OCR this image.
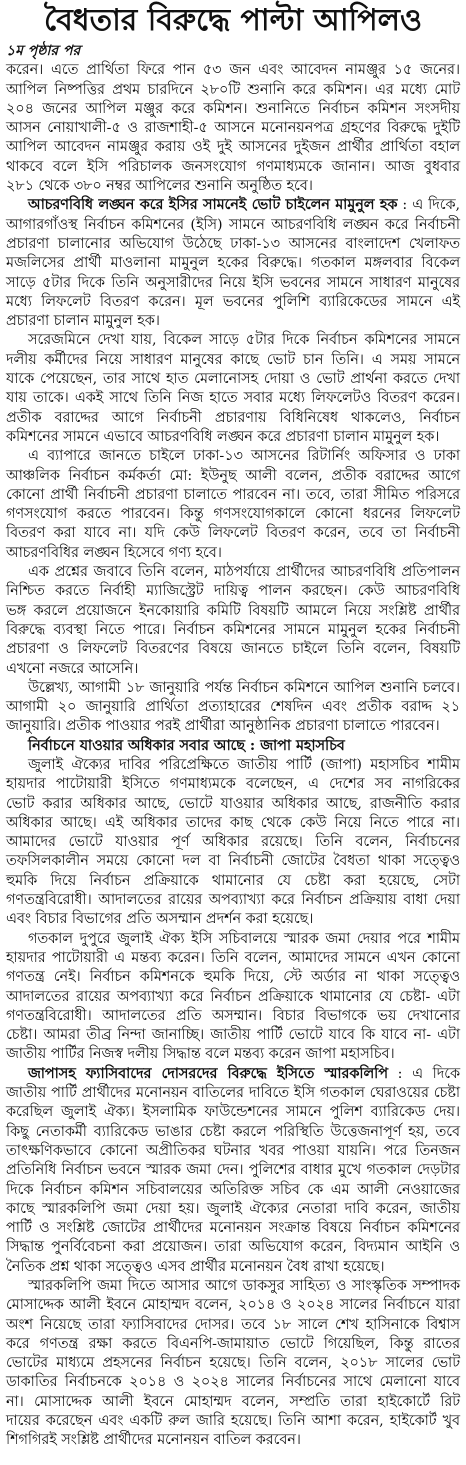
বৈধতার বিরুদ্ধে পাল্টা আপিলও
১ম পৃষ্ঠার পর
করেন। এতে প্রার্থিতা ফিরে পান ৫৩ জন এবং আবেদন নামঞ্জুর ১৫ জনের।
আপিল নিষ্পত্তির প্রথম চারদিনে ২৮০টি শুনানি করে কমিশন। এর মধ্যে মোট
২০৪ জনের আপিল মঞ্জুর করে কমিশন। শুনানিতে নির্বাচন কমিশন সংসদীয়
আসন নোয়াখালী-৫ ও রাজশাহী-৫ আসনে মনোনয়নপত্র গ্রহণের বিরুদ্ধে দুইটি
আপিল আবেদন নামঞ্জুর করায় ওই দুই আসনের দুইজন প্রার্থীর প্রার্থিতা বহাল
থাকবে বলে ইসি পরিচালক জনসংযোগ গণমাধ্যমকে জানান। আজ বুধবার
২৮১ থেকে ৩৮০ নম্বর আপিলের শুনানি অনুষ্ঠিত হবে।
আচরণবিধি লঙ্ঘন করে ইসির সামনেই ভোট চাইলেন মামুনুল হক : এ দিকে,
আগারগাঁওস্থ নির্বাচন কমিশনের (ইসি) সামনে আচরণবিধি লঙ্ঘন করে নির্বাচনী
প্রচারণা চালানোর অভিযোগ উঠেছে ঢাকা-১৩ আসনের বাংলাদেশ খেলাফত
মজলিসের প্রার্থী মাওলানা মামুনুল হকের বিরুদ্ধে। গতকাল মঙ্গলবার বিকেল
সাড়ে ৫টার দিকে তিনি অনুসারীদের নিয়ে ইসি ভবনের সামনে সাধারণ মানুষের
মধ্যে লিফলেট বিতরণ করেন। মূল ভবনের পুলিশি ব্যারিকেডের সামনে এই
প্রচারণা চালান মামুনুল হক।
সরেজমিনে দেখা যায়, বিকেল সাড়ে ৫টার দিকে নির্বাচন কমিশনের সামনে
দলীয় কর্মীদের নিয়ে সাধারণ মানুষের কাছে ভোট চান তিনি। এ সময় সামনে
যাকে পেয়েছেন, তার সাথে হাত মেলানোসহ দোয়া ও ভোট প্রার্থনা করতে দেখা
যায় তাকে। একই সাথে তিনি নিজ হাতে সবার মধ্যে লিফলেটও বিতরণ করেন।
প্রতীক বরাদ্দের আগে নির্বাচনী প্রচারণায় বিধিনিষেধ থাকলেও, নির্বাচন
কমিশনের সামনে এভাবে আচরণবিধি লঙ্ঘন করে প্রচারণা চালান মামুনুল হক।
এ ব্যাপারে জানতে চাইলে ঢাকা-১৩ আসনের রিটার্নিং অফিসার ও ঢাকা
আঞ্চলিক নির্বাচন কর্মকর্তা মো: ইউনুছ আলী বলেন, প্রতীক বরাদ্দের আগে
কোনো প্রার্থী নির্বাচনী প্রচারণা চালাতে পারবেন না। তবে, তারা সীমিত পরিসরে
গণসংযোগ করতে পারবেন। কিন্তু গণসংযোগকালে কোনো ধরনের লিফলেট
বিতরণ করা যাবে না। যদি কেউ লিফলেট বিতরণ করেন, তবে তা নির্বাচনী
আচরণবিধির লঙ্ঘন হিসেবে গণ্য হবে।
এক প্রশ্নের জবাবে তিনি বলেন, মাঠপর্যায়ে প্রার্থীদের আচরণবিধি প্রতিপালন
নিশ্চিত করতে নির্বাহী ম্যাজিস্ট্রেট দায়িত্ব পালন করছেন। কেউ আচরণবিধি
ভঙ্গ করলে প্রয়োজনে ইনকোয়ারি কমিটি বিষয়টি আমলে নিয়ে সংশ্লিষ্ট প্রার্থীর
বিরুদ্ধে ব্যবস্থা নিতে পারে। নির্বাচন কমিশনের সামনে মামুনুল হকের নির্বাচনী
প্রচারণা ও লিফলেট বিতরণের বিষয়ে জানতে চাইলে তিনি বলেন, বিষয়টি
এখনো নজরে আসেনি।
উল্লেখ্য, আগামী ১৮ জানুয়ারি পর্যন্ত নির্বাচন কমিশনে আপিল শুনানি চলবে।
আগামী ২০ জানুয়ারি প্রার্থিতা প্রত্যাহারের শেষদিন এবং প্রতীক বরাদ্দ ২১
জানুয়ারি। প্রতীক পাওয়ার পরই প্রার্থীরা আনুষ্ঠানিক প্রচারণা চালাতে পারবেন।
নির্বাচনে যাওয়ার অধিকার সবার আছে : জাপা মহাসচিব
জুলাই ঐক্যের দাবির পরিপ্রেক্ষিতে জাতীয় পার্টি (জাপা) মহাসচিব শামীম
হায়দার পাটোয়ারী ইসিতে গণমাধ্যমকে বলেছেন, এ দেশের সব নাগরিকের
ভোট করার অধিকার আছে, ভোটে যাওয়ার অধিকার আছে, রাজনীতি করার
অধিকার আছে। এই অধিকার তাদের কাছ থেকে কেউ নিয়ে নিতে পারে না।
আমাদের ভোটে যাওয়ার পূর্ণ অধিকার রয়েছে। তিনি বলেন, নির্বাচনের
তফসিলকালীন সময়ে কোনো দল বা নির্বাচনী জোটের বৈধতা থাকা সত্ত্বেও
হুমকি দিয়ে নির্বাচন প্রক্রিয়াকে থামানোর যে চেষ্টা করা হয়েছে, সেটা
গণতন্ত্রবিরোধী। আদালতের রায়ের অপব্যাখ্যা করে নির্বাচন প্রক্রিয়ায় বাধা দেয়া
এবং বিচার বিভাগের প্রতি অসম্মান প্রদর্শন করা হয়েছে।
গতকাল দুপুরে জুলাই ঐক্য ইসি সচিবালয়ে স্মারক জমা দেয়ার পরে শামীম
হায়দার পাটোয়ারী এ মন্তব্য করেন। তিনি বলেন, আমাদের সামনে এখন কোনো
গণতন্ত্র নেই। নির্বাচন কমিশনকে হুমকি দিয়ে, স্টে অর্ডার না থাকা সত্ত্বেও
আদালতের রায়ের অপব্যাখ্যা করে নির্বাচন প্রক্রিয়াকে থামানোর যে চেষ্টা- এটা
গণতন্ত্রবিরোধী। আদালতের প্রতি অসম্মান। বিচার বিভাগকে ভয় দেখানোর
চেষ্টা। আমরা তীব্র নিন্দা জানাচ্ছি। জাতীয় পার্টি ভোটে যাবে কি যাবে না- এটা
জাতীয় পার্টির নিজস্ব দলীয় সিদ্ধান্ত বলে মন্তব্য করেন জাপা মহাসচিব।
জাপাসহ ফ্যাসিবাদের দোসরদের বিরুদ্ধে ইসিতে স্মারকলিপি : এ দিকে
জাতীয় পার্টি প্রার্থীদের মনোনয়ন বাতিলের দাবিতে ইসি গতকাল ঘেরাওয়ের চেষ্টা
করেছিল জুলাই ঐক্য। ইসলামিক ফাউন্ডেশনের সামনে পুলিশ ব্যারিকেড দেয়।
কিছু নেতাকর্মী ব্যারিকেড ভাঙার চেষ্টা করলে পরিস্থিতি উত্তেজনাপূর্ণ হয়, তবে
তাৎক্ষণিকভাবে কোনো অপ্রীতিকর ঘটনার খবর পাওয়া যায়নি। পরে তিনজন
প্রতিনিধি নির্বাচন ভবনে স্মারক জমা দেন। পুলিশের বাধার মুখে গতকাল দেড়টার
দিকে নির্বাচন কমিশন সচিবালয়ের অতিরিক্ত সচিব কে এম আলী নেওয়াজের
কাছে স্মারকলিপি জমা দেয়া হয়। জুলাই ঐক্যের নেতারা দাবি করেন, জাতীয়
পার্টি ও সংশ্লিষ্ট জোটের প্রার্থীদের মনোনয়ন সংক্রান্ত বিষয়ে নির্বাচন কমিশনের
সিদ্ধান্ত পুনর্বিবেচনা করা প্রয়োজন। তারা অভিযোগ করেন, বিদ্যমান আইনি ও
নৈতিক প্রশ্ন থাকা সত্ত্বেও এসব প্রার্থীর মনোনয়ন বৈধ রাখা হয়েছে।
স্মারকলিপি জমা দিতে আসার আগে ডাকসুর সাহিত্য ও সাংস্কৃতিক সম্পাদক
মোসাদ্দেক আলী ইবনে মোহাম্মদ বলেন, ২০১৪ ও ২০২৪ সালের নির্বাচনে যারা
অংশ নিয়েছে তারা ফ্যাসিবাদের দোসর। তবে ১৮ সালে শেখ হাসিনাকে বিশ্বাস
করে গণতন্ত্র রক্ষা করতে বিএনপি-জামায়াত ভোটে গিয়েছিল, কিন্তু রাতের
ভোটের মাধ্যমে প্রহসনের নির্বাচন হয়েছে। তিনি বলেন, ২০১৮ সালের ভোট
ডাকাতির নির্বাচনকে ২০১৪ ও ২০২৪ সালের নির্বাচনের সাথে মেলানো যাবে
না। মোসাদ্দেক আলী ইবনে মোহাম্মদ বলেন, সম্প্রতি তারা হাইকোর্টে রিট
দায়ের করেছেন এবং একটি রুল জারি হয়েছে। তিনি আশা করেন, হাইকোর্ট খুব
শিগগিরই সংশ্লিষ্ট প্রার্থীদের মনোনয়ন বাতিল করবেন।
